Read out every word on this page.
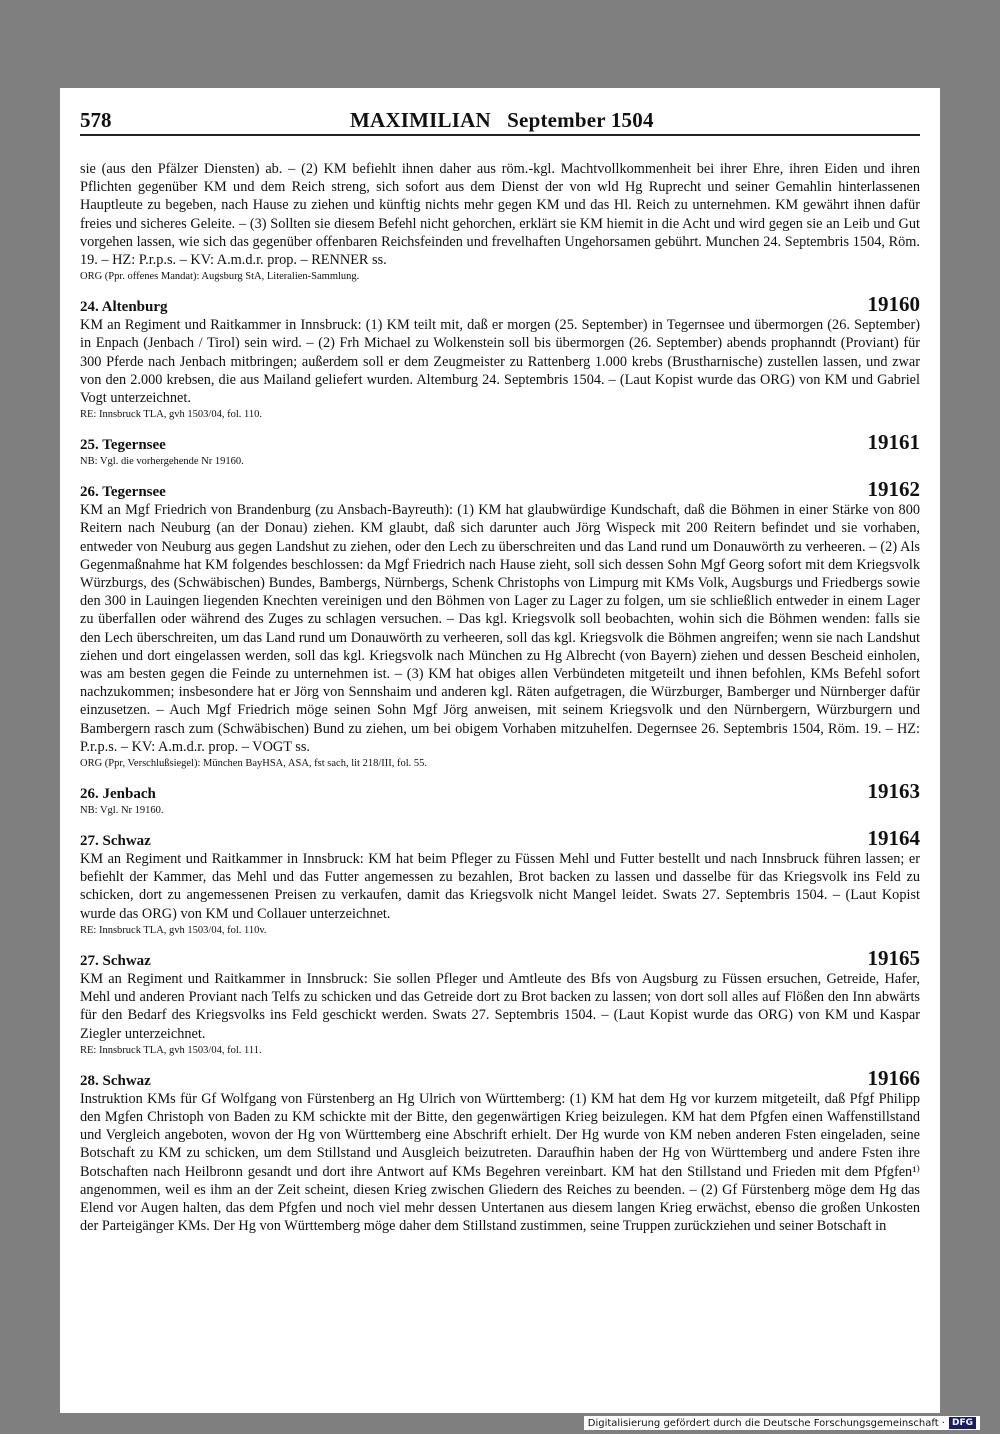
578	MAXIMILIAN   September 1504

sie (aus den Pfälzer Diensten) ab. – (2) KM befiehlt ihnen daher aus röm.-kgl. Machtvollkommenheit bei ihrer Ehre, ihren Eiden und ihren Pflichten gegenüber KM und dem Reich streng, sich sofort aus dem Dienst der von wld Hg Ruprecht und seiner Gemahlin hinterlassenen Hauptleute zu begeben, nach Hause zu ziehen und künftig nichts mehr gegen KM und das Hl. Reich zu unternehmen. KM gewährt ihnen dafür freies und sicheres Geleite. – (3) Sollten sie diesem Befehl nicht gehorchen, erklärt sie KM hiemit in die Acht und wird gegen sie an Leib und Gut vorgehen lassen, wie sich das gegenüber offenbaren Reichsfeinden und frevelhaften Ungehorsamen gebührt. Munchen 24. Septembris 1504, Röm. 19. – HZ: P.r.p.s. – KV: A.m.d.r. prop. – RENNER ss.

ORG (Ppr. offenes Mandat): Augsburg StA, Literalien-Sammlung.
24. Altenburg	19160

KM an Regiment und Raitkammer in Innsbruck: (1) KM teilt mit, daß er morgen (25. September) in Tegernsee und übermorgen (26. September) in Enpach (Jenbach / Tirol) sein wird. – (2) Frh Michael zu Wolkenstein soll bis übermorgen (26. September) abends prophanndt (Proviant) für 300 Pferde nach Jenbach mitbringen; außerdem soll er dem Zeugmeister zu Rattenberg 1.000 krebs (Brustharnische) zustellen lassen, und zwar von den 2.000 krebsen, die aus Mailand geliefert wurden. Altemburg 24. Septembris 1504. – (Laut Kopist wurde das ORG) von KM und Gabriel Vogt unterzeichnet.

RE: Innsbruck TLA, gvh 1503/04, fol. 110.
25. Tegernsee	19161
NB: Vgl. die vorhergehende Nr 19160.
26. Tegernsee	19162

KM an Mgf Friedrich von Brandenburg (zu Ansbach-Bayreuth): (1) KM hat glaubwürdige Kundschaft, daß die Böhmen in einer Stärke von 800 Reitern nach Neuburg (an der Donau) ziehen. KM glaubt, daß sich darunter auch Jörg Wispeck mit 200 Reitern befindet und sie vorhaben, entweder von Neuburg aus gegen Landshut zu ziehen, oder den Lech zu überschreiten und das Land rund um Donauwörth zu verheeren. – (2) Als Gegenmaßnahme hat KM folgendes beschlossen: da Mgf Friedrich nach Hause zieht, soll sich dessen Sohn Mgf Georg sofort mit dem Kriegsvolk Würzburgs, des (Schwäbischen) Bundes, Bambergs, Nürnbergs, Schenk Christophs von Limpurg mit KMs Volk, Augsburgs und Friedbergs sowie den 300 in Lauingen liegenden Knechten vereinigen und den Böhmen von Lager zu Lager zu folgen, um sie schließlich entweder in einem Lager zu überfallen oder während des Zuges zu schlagen versuchen. – Das kgl. Kriegsvolk soll beobachten, wohin sich die Böhmen wenden: falls sie den Lech überschreiten, um das Land rund um Donauwörth zu verheeren, soll das kgl. Kriegsvolk die Böhmen angreifen; wenn sie nach Landshut ziehen und dort eingelassen werden, soll das kgl. Kriegsvolk nach München zu Hg Albrecht (von Bayern) ziehen und dessen Bescheid einholen, was am besten gegen die Feinde zu unternehmen ist. – (3) KM hat obiges allen Verbündeten mitgeteilt und ihnen befohlen, KMs Befehl sofort nachzukommen; insbesondere hat er Jörg von Sennshaim und anderen kgl. Räten aufgetragen, die Würzburger, Bamberger und Nürnberger dafür einzusetzen. – Auch Mgf Friedrich möge seinen Sohn Mgf Jörg anweisen, mit seinem Kriegsvolk und den Nürnbergern, Würzburgern und Bambergern rasch zum (Schwäbischen) Bund zu ziehen, um bei obigem Vorhaben mitzuhelfen. Degernsee 26. Septembris 1504, Röm. 19. – HZ: P.r.p.s. – KV: A.m.d.r. prop. – VOGT ss.

ORG (Ppr, Verschlußsiegel): München BayHSA, ASA, fst sach, lit 218/III, fol. 55.
26. Jenbach	19163
NB: Vgl. Nr 19160.
27. Schwaz	19164

KM an Regiment und Raitkammer in Innsbruck: KM hat beim Pfleger zu Füssen Mehl und Futter bestellt und nach Innsbruck führen lassen; er befiehlt der Kammer, das Mehl und das Futter angemessen zu bezahlen, Brot backen zu lassen und dasselbe für das Kriegsvolk ins Feld zu schicken, dort zu angemessenen Preisen zu verkaufen, damit das Kriegsvolk nicht Mangel leidet. Swats 27. Septembris 1504. – (Laut Kopist wurde das ORG) von KM und Collauer unterzeichnet.

RE: Innsbruck TLA, gvh 1503/04, fol. 110v.
27. Schwaz	19165

KM an Regiment und Raitkammer in Innsbruck: Sie sollen Pfleger und Amtleute des Bfs von Augsburg zu Füssen ersuchen, Getreide, Hafer, Mehl und anderen Proviant nach Telfs zu schicken und das Getreide dort zu Brot backen zu lassen; von dort soll alles auf Flößen den Inn abwärts für den Bedarf des Kriegsvolks ins Feld geschickt werden. Swats 27. Septembris 1504. – (Laut Kopist wurde das ORG) von KM und Kaspar Ziegler unterzeichnet.

RE: Innsbruck TLA, gvh 1503/04, fol. 111.
28. Schwaz	19166

Instruktion KMs für Gf Wolfgang von Fürstenberg an Hg Ulrich von Württemberg: (1) KM hat dem Hg vor kurzem mitgeteilt, daß Pfgf Philipp den Mgfen Christoph von Baden zu KM schickte mit der Bitte, den gegenwärtigen Krieg beizulegen. KM hat dem Pfgfen einen Waffenstillstand und Vergleich angeboten, wovon der Hg von Württemberg eine Abschrift erhielt. Der Hg wurde von KM neben anderen Fsten eingeladen, seine Botschaft zu KM zu schicken, um dem Stillstand und Ausgleich beizutreten. Daraufhin haben der Hg von Württemberg und andere Fsten ihre Botschaften nach Heilbronn gesandt und dort ihre Antwort auf KMs Begehren vereinbart. KM hat den Stillstand und Frieden mit dem Pfgfen¹⁾ angenommen, weil es ihm an der Zeit scheint, diesen Krieg zwischen Gliedern des Reiches zu beenden. – (2) Gf Fürstenberg möge dem Hg das Elend vor Augen halten, das dem Pfgfen und noch viel mehr dessen Untertanen aus diesem langen Krieg erwächst, ebenso die großen Unkosten der Parteigänger KMs. Der Hg von Württemberg möge daher dem Stillstand zustimmen, seine Truppen zurückziehen und seiner Botschaft in

Digitalisierung gefördert durch die Deutsche Forschungsgemeinschaft · DFG
